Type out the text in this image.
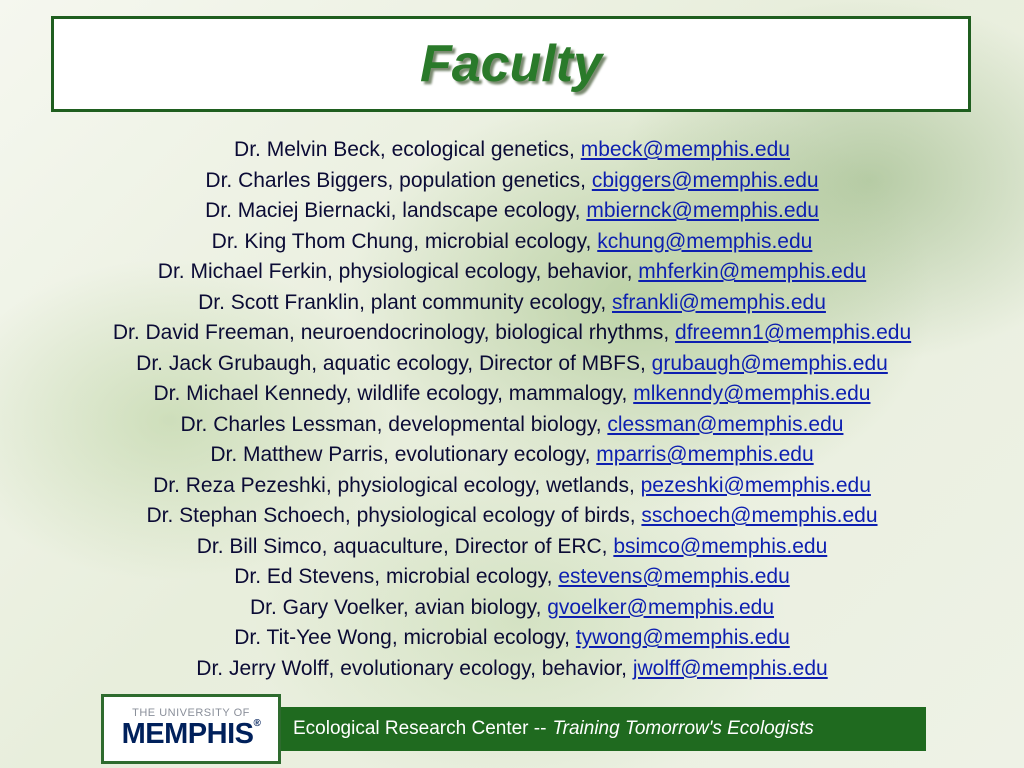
Faculty
Dr. Melvin Beck, ecological genetics, mbeck@memphis.edu
Dr. Charles Biggers, population genetics, cbiggers@memphis.edu
Dr. Maciej Biernacki, landscape ecology, mbiernck@memphis.edu
Dr. King Thom Chung, microbial ecology, kchung@memphis.edu
Dr. Michael Ferkin, physiological ecology, behavior, mhferkin@memphis.edu
Dr. Scott Franklin, plant community ecology, sfrankli@memphis.edu
Dr. David Freeman, neuroendocrinology, biological rhythms, dfreemn1@memphis.edu
Dr. Jack Grubaugh, aquatic ecology, Director of MBFS, grubaugh@memphis.edu
Dr. Michael Kennedy, wildlife ecology, mammalogy, mlkenndy@memphis.edu
Dr. Charles Lessman, developmental biology, clessman@memphis.edu
Dr. Matthew Parris, evolutionary ecology, mparris@memphis.edu
Dr. Reza Pezeshki, physiological ecology, wetlands, pezeshki@memphis.edu
Dr. Stephan Schoech, physiological ecology of birds, sschoech@memphis.edu
Dr. Bill Simco, aquaculture, Director of ERC, bsimco@memphis.edu
Dr. Ed Stevens, microbial ecology, estevens@memphis.edu
Dr. Gary Voelker, avian biology, gvoelker@memphis.edu
Dr. Tit-Yee Wong, microbial ecology, tywong@memphis.edu
Dr. Jerry Wolff, evolutionary ecology, behavior, jwolff@memphis.edu
THE UNIVERSITY OF
MEMPHIS® Ecological Research Center -- Training Tomorrow's Ecologists
